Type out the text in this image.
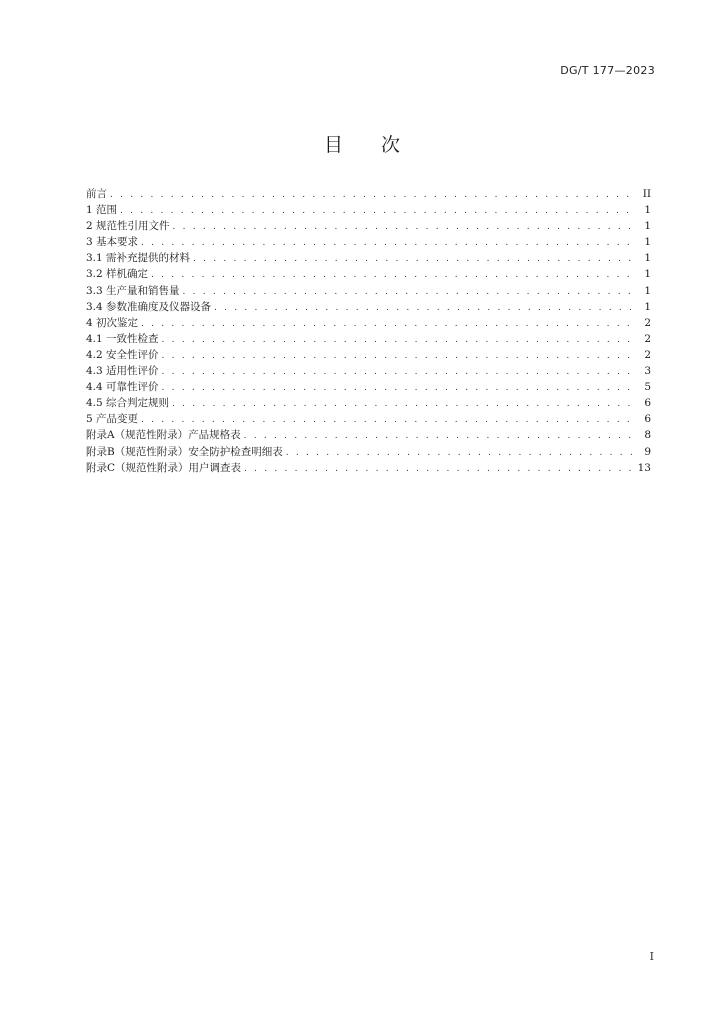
DG/T 177—2023
目 次
前言 . . .	II
1 范围 . . .	1
2 规范性引用文件 . . .	1
3 基本要求 . . .	1
3.1 需补充提供的材料 . . .	1
3.2 样机确定 . . .	1
3.3 生产量和销售量 . . .	1
3.4 参数准确度及仪器设备 . . .	1
4 初次鉴定 . . .	2
4.1 一致性检查 . . .	2
4.2 安全性评价 . . .	2
4.3 适用性评价 . . .	3
4.4 可靠性评价 . . .	5
4.5 综合判定规则 . . .	6
5 产品变更 . . .	6
附录A（规范性附录）产品规格表 . . .	8
附录B（规范性附录）安全防护检查明细表 . . .	9
附录C（规范性附录）用户调查表 . . .	13
I
